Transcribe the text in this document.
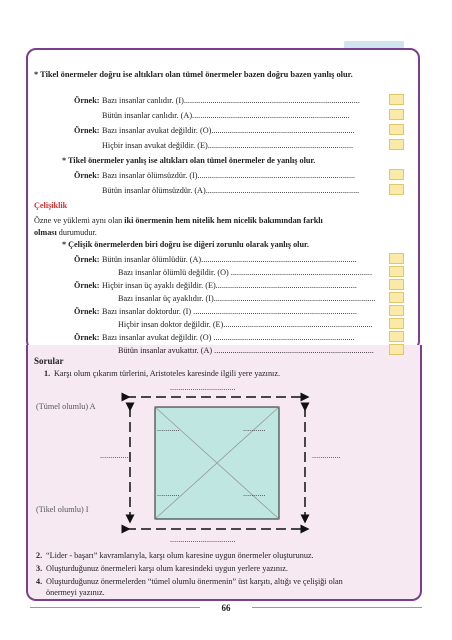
* Tikel önermeler doğru ise altıkları olan tümel önermeler bazen doğru bazen yanlış olur.
Örnek: Bazı insanlar canlıdır. (I)......................................................................................
Bütün insanlar canlıdır. (A).............................................................................
Örnek: Bazı insanlar avukat değildir. (O)......................................................................
Hiçbir insan avukat değildir. (E).......................................................................
* Tikel önermeler yanlış ise altıkları olan tümel önermeler de yanlış olur.
Örnek: Bazı insanlar ölümsüzdür. (I).............................................................................
Bütün insanlar ölümsüzdür. (A)...........................................................................
Çelişiklik
Özne ve yüklemi aynı olan iki önermenin hem nitelik hem nicelik bakımından farklı
olması durumudur.
* Çelişik önermelerden biri doğru ise diğeri zorunlu olarak yanlış olur.
Örnek: Bütün insanlar ölümlüdür. (A)............................................................................
Bazı insanlar ölümlü değildir. (O) .....................................................................
Örnek: Hiçbir insan üç ayaklı değildir. (E).....................................................................
Bazı insanlar üç ayaklıdır. (I)...............................................................................
Örnek: Bazı insanlar doktordur. (I) ................................................................................
Hiçbir insan doktor değildir. (E).........................................................................
Örnek: Bazı insanlar avukat değildir. (O) .....................................................................
Bütün insanlar avukattır. (A) ..............................................................................
Sorular
1. Karşı olum çıkarım türlerini, Aristoteles karesinde ilgili yere yazınız.
................................
(Tümel olumlu) A
(Tikel olumlu) I
..............	..............
...........	...........
...........	...........
................................
2. “Lider - başarı” kavramlarıyla, karşı olum karesine uygun önermeler oluşturunuz.
3. Oluşturduğunuz önermeleri karşı olum karesindeki uygun yerlere yazınız.
4. Oluşturduğunuz önermelerden “tümel olumlu önermenin” üst karşıtı, altığı ve çelişiği olan
önermeyi yazınız.
66
